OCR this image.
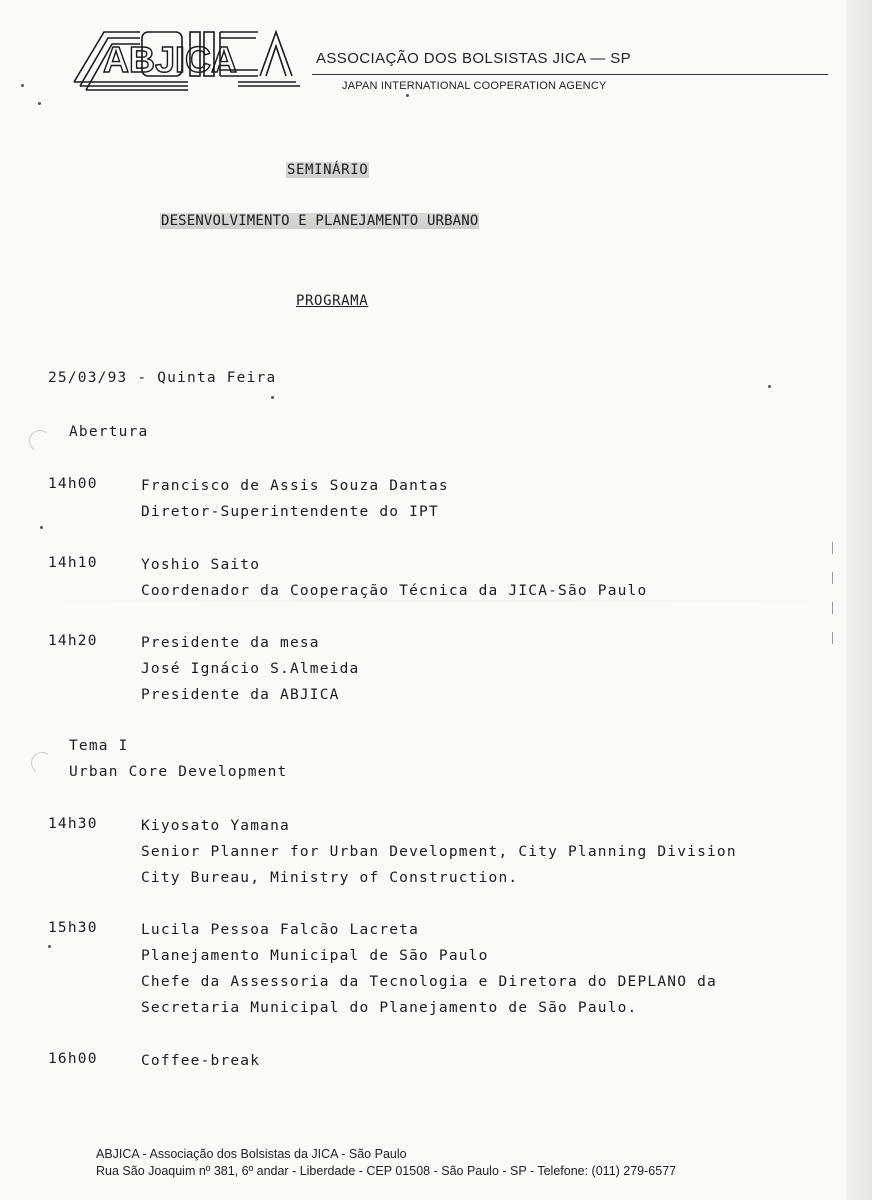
ABJICA	ASSOCIAÇÃO DOS BOLSISTAS JICA — SP
JAPAN INTERNATIONAL COOPERATION AGENCY
SEMINÁRIO
DESENVOLVIMENTO E PLANEJAMENTO URBANO
PROGRAMA
25/03/93 - Quinta Feira
Abertura
14h00	Francisco de Assis Souza Dantas
Diretor-Superintendente do IPT
14h10	Yoshio Saito
Coordenador da Cooperação Técnica da JICA-São Paulo
14h20	Presidente da mesa
José Ignácio S.Almeida
Presidente da ABJICA
Tema I
Urban Core Development
14h30	Kiyosato Yamana
Senior Planner for Urban Development, City Planning Division
City Bureau, Ministry of Construction.
15h30	Lucila Pessoa Falcão Lacreta
Planejamento Municipal de São Paulo
Chefe da Assessoria da Tecnologia e Diretora do DEPLANO da
Secretaria Municipal do Planejamento de São Paulo.
16h00	Coffee-break
ABJICA - Associação dos Bolsistas da JICA - São Paulo
Rua São Joaquim nº 381, 6º andar - Liberdade - CEP 01508 - São Paulo - SP - Telefone: (011) 279-6577
